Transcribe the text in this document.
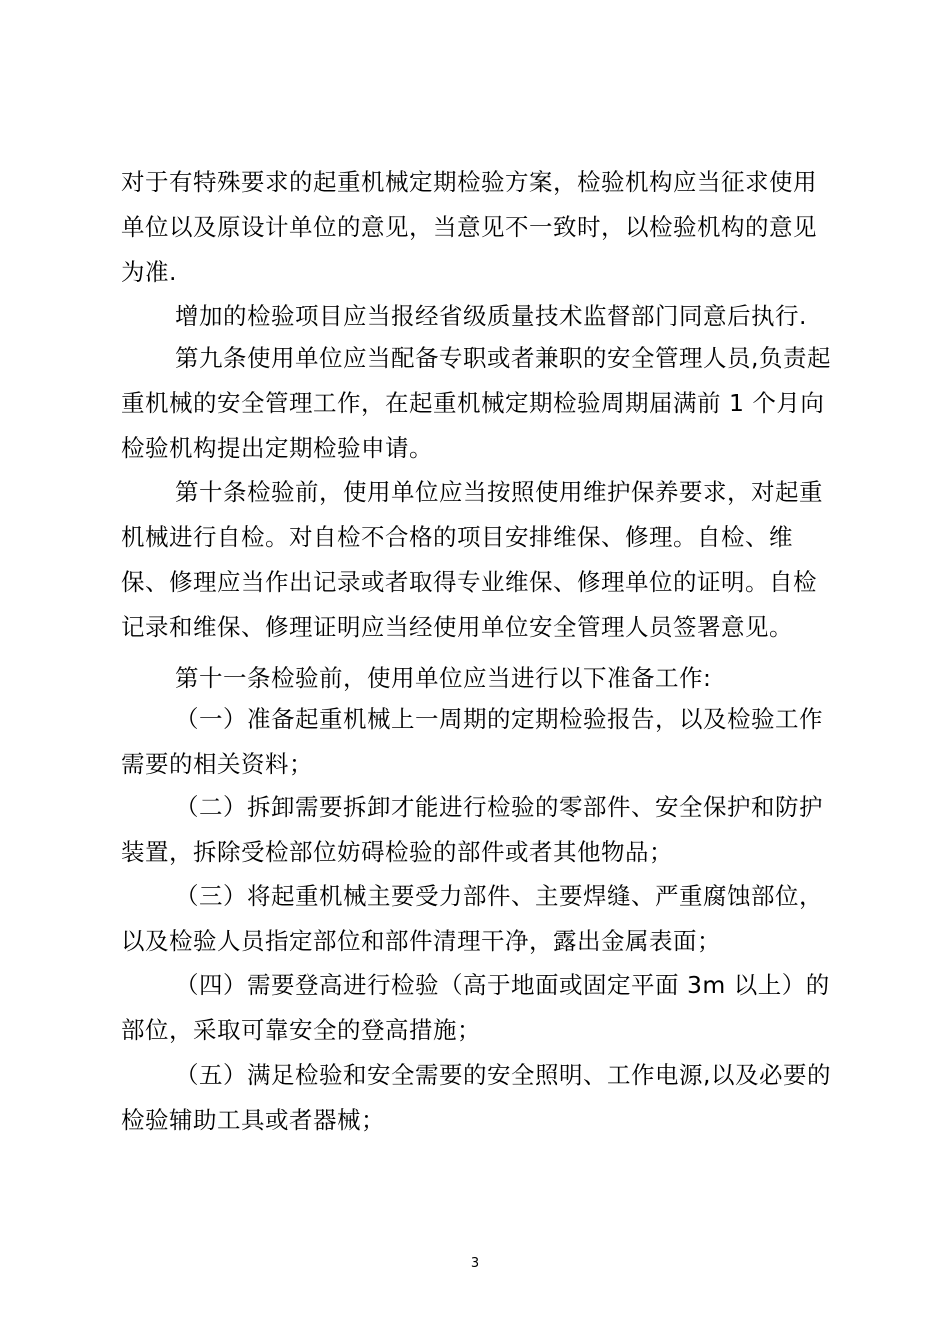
对于有特殊要求的起重机械定期检验方案，检验机构应当征求使用单位以及原设计单位的意见，当意见不一致时，以检验机构的意见为准.

增加的检验项目应当报经省级质量技术监督部门同意后执行.

第九条使用单位应当配备专职或者兼职的安全管理人员,负责起重机械的安全管理工作，在起重机械定期检验周期届满前 1 个月向检验机构提出定期检验申请。

第十条检验前，使用单位应当按照使用维护保养要求，对起重机械进行自检。对自检不合格的项目安排维保、修理。自检、维保、修理应当作出记录或者取得专业维保、修理单位的证明。自检记录和维保、修理证明应当经使用单位安全管理人员签署意见。

第十一条检验前，使用单位应当进行以下准备工作:

（一）准备起重机械上一周期的定期检验报告，以及检验工作需要的相关资料；

（二）拆卸需要拆卸才能进行检验的零部件、安全保护和防护装置，拆除受检部位妨碍检验的部件或者其他物品；

（三）将起重机械主要受力部件、主要焊缝、严重腐蚀部位，以及检验人员指定部位和部件清理干净，露出金属表面；

（四）需要登高进行检验（高于地面或固定平面 3m 以上）的部位，采取可靠安全的登高措施；

（五）满足检验和安全需要的安全照明、工作电源,以及必要的检验辅助工具或者器械；

3
